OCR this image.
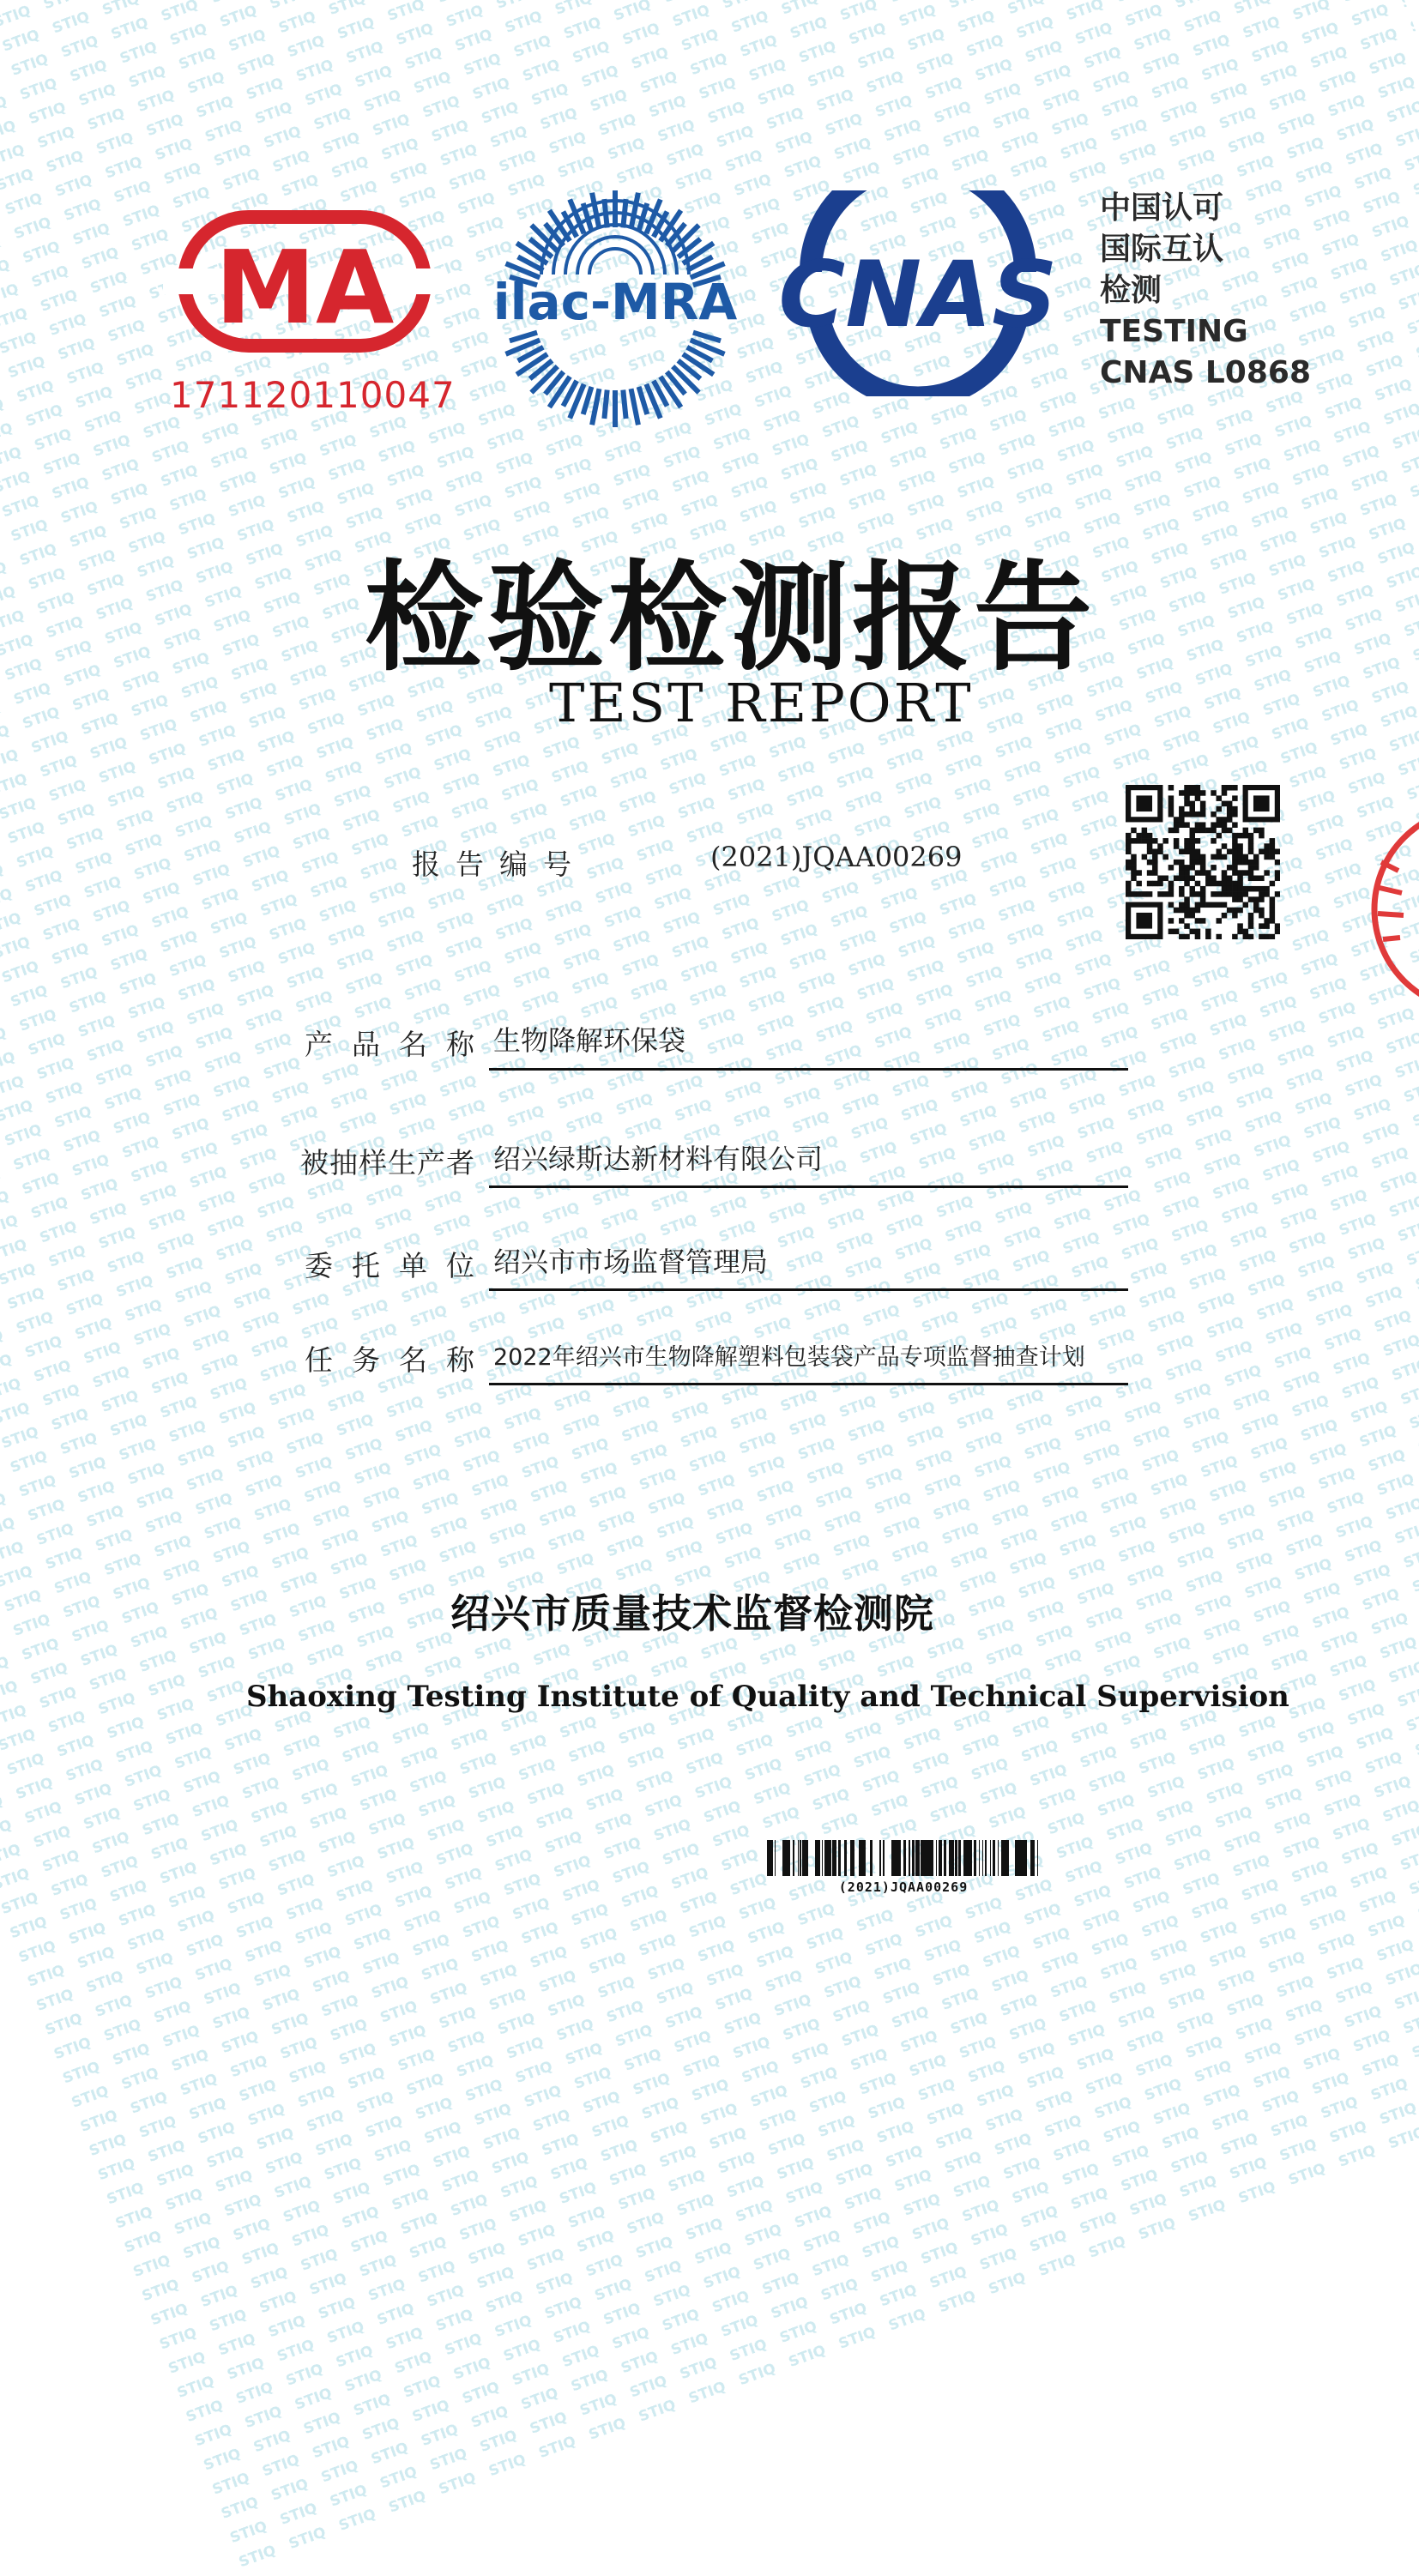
MA
171120110047
ilac-MRA CNAS
中国认可
国际互认
检测
TESTING
CNAS L0868
检验检测报告
TEST REPORT
报告编号	(2021)JQAA00269
产品名称 生物降解环保袋
被抽样生产者 绍兴绿斯达新材料有限公司
委托单位 绍兴市市场监督管理局
任务名称 2022年绍兴市生物降解塑料包装袋产品专项监督抽查计划
绍兴市质量技术监督检测院
Shaoxing Testing Institute of Quality and Technical Supervision
(2021)JQAA00269
